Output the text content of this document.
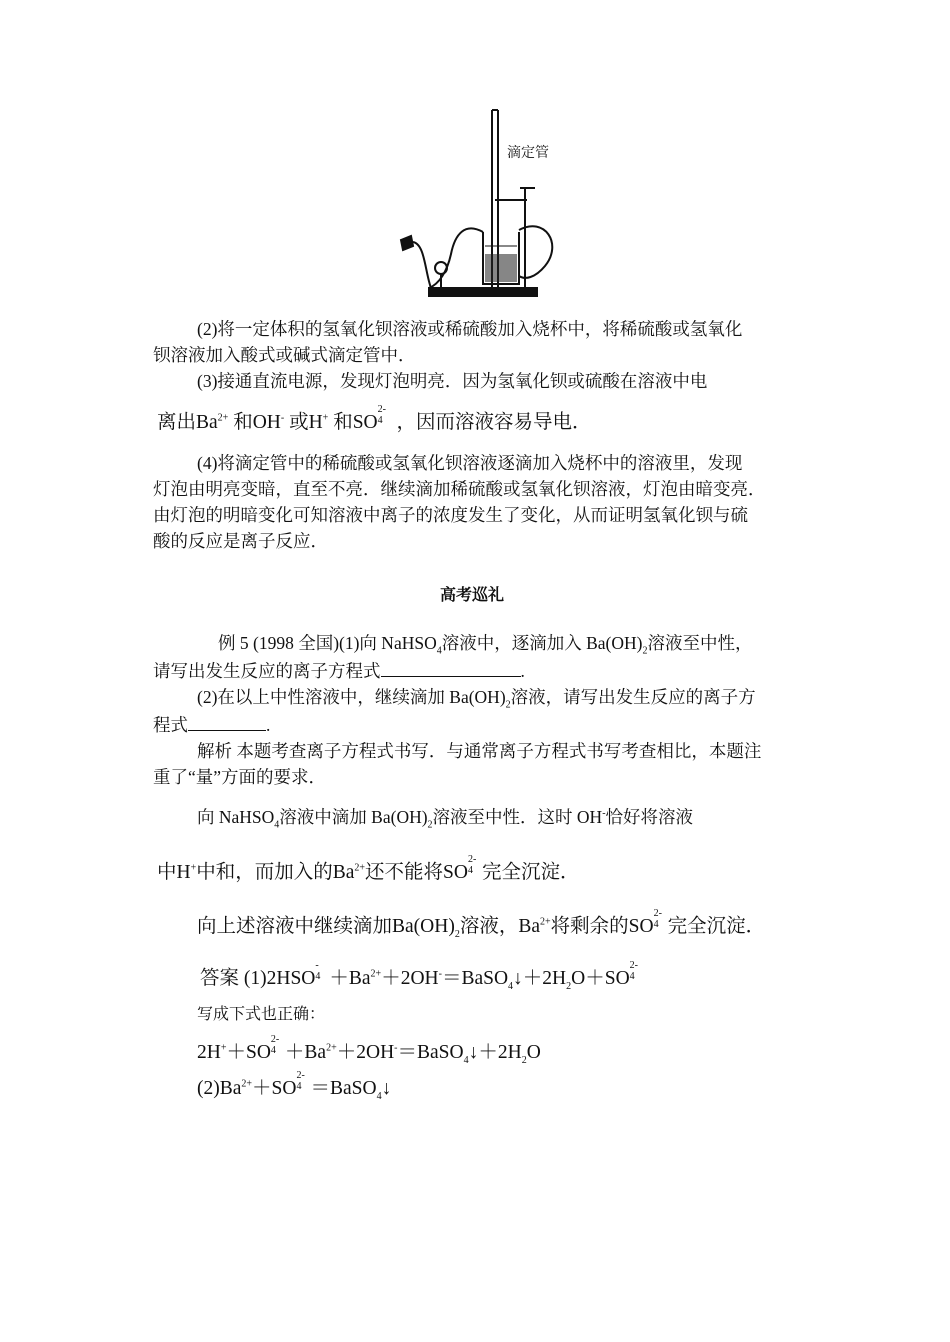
滴定管
(2)将一定体积的氢氧化钡溶液或稀硫酸加入烧杯中，将稀硫酸或氢氧化
钡溶液加入酸式或碱式滴定管中．
(3)接通直流电源，发现灯泡明亮．因为氢氧化钡或硫酸在溶液中电
离出$Ba^{2+}$ 和OH- 或H+ 和SO
2-
4 ，因而溶液容易导电．
(4)将滴定管中的稀硫酸或氢氧化钡溶液逐滴加入烧杯中的溶液里，发现
灯泡由明亮变暗，直至不亮．继续滴加稀硫酸或氢氧化钡溶液，灯泡由暗变亮．
由灯泡的明暗变化可知溶液中离子的浓度发生了变化，从而证明氢氧化钡与硫
酸的反应是离子反应．
高考巡礼
例 5 (1998 全国)(1)向 NaHSO$_4$溶液中，逐滴加入 $Ba(OH)_2$溶液至中性，
请写出发生反应的离子方程式	.
(2)在以上中性溶液中，继续滴加 $Ba(OH)_2$溶液，请写出发生反应的离子方
程式	.
解析 本题考查离子方程式书写．与通常离子方程式书写考查相比，本题注
重了“量”方面的要求．
向 NaHSO$_4$溶液中滴加 $Ba(OH)_2$溶液至中性．这时 OH-恰好将溶液
中H+中和，而加入的$Ba^{2+}$还不能将SO
2-
4 完全沉淀．
向上述溶液中继续滴加$Ba(OH)_2$溶液，$Ba^{2+}$将剩余的SO
2-
4 完全沉淀．
答案 (1)2HSO
-
$4 +Ba^{2+}+2OH^-=BaSO_4↓+2H_2O+SO$
2-
4
写成下式也正确：
2H+＋SO
2-
$4 +Ba^{2+}+2OH^-=BaSO_4↓+2H_2O$
$(2)Ba^{2+}+SO$
2-
4 ＝BaSO$_4$↓
